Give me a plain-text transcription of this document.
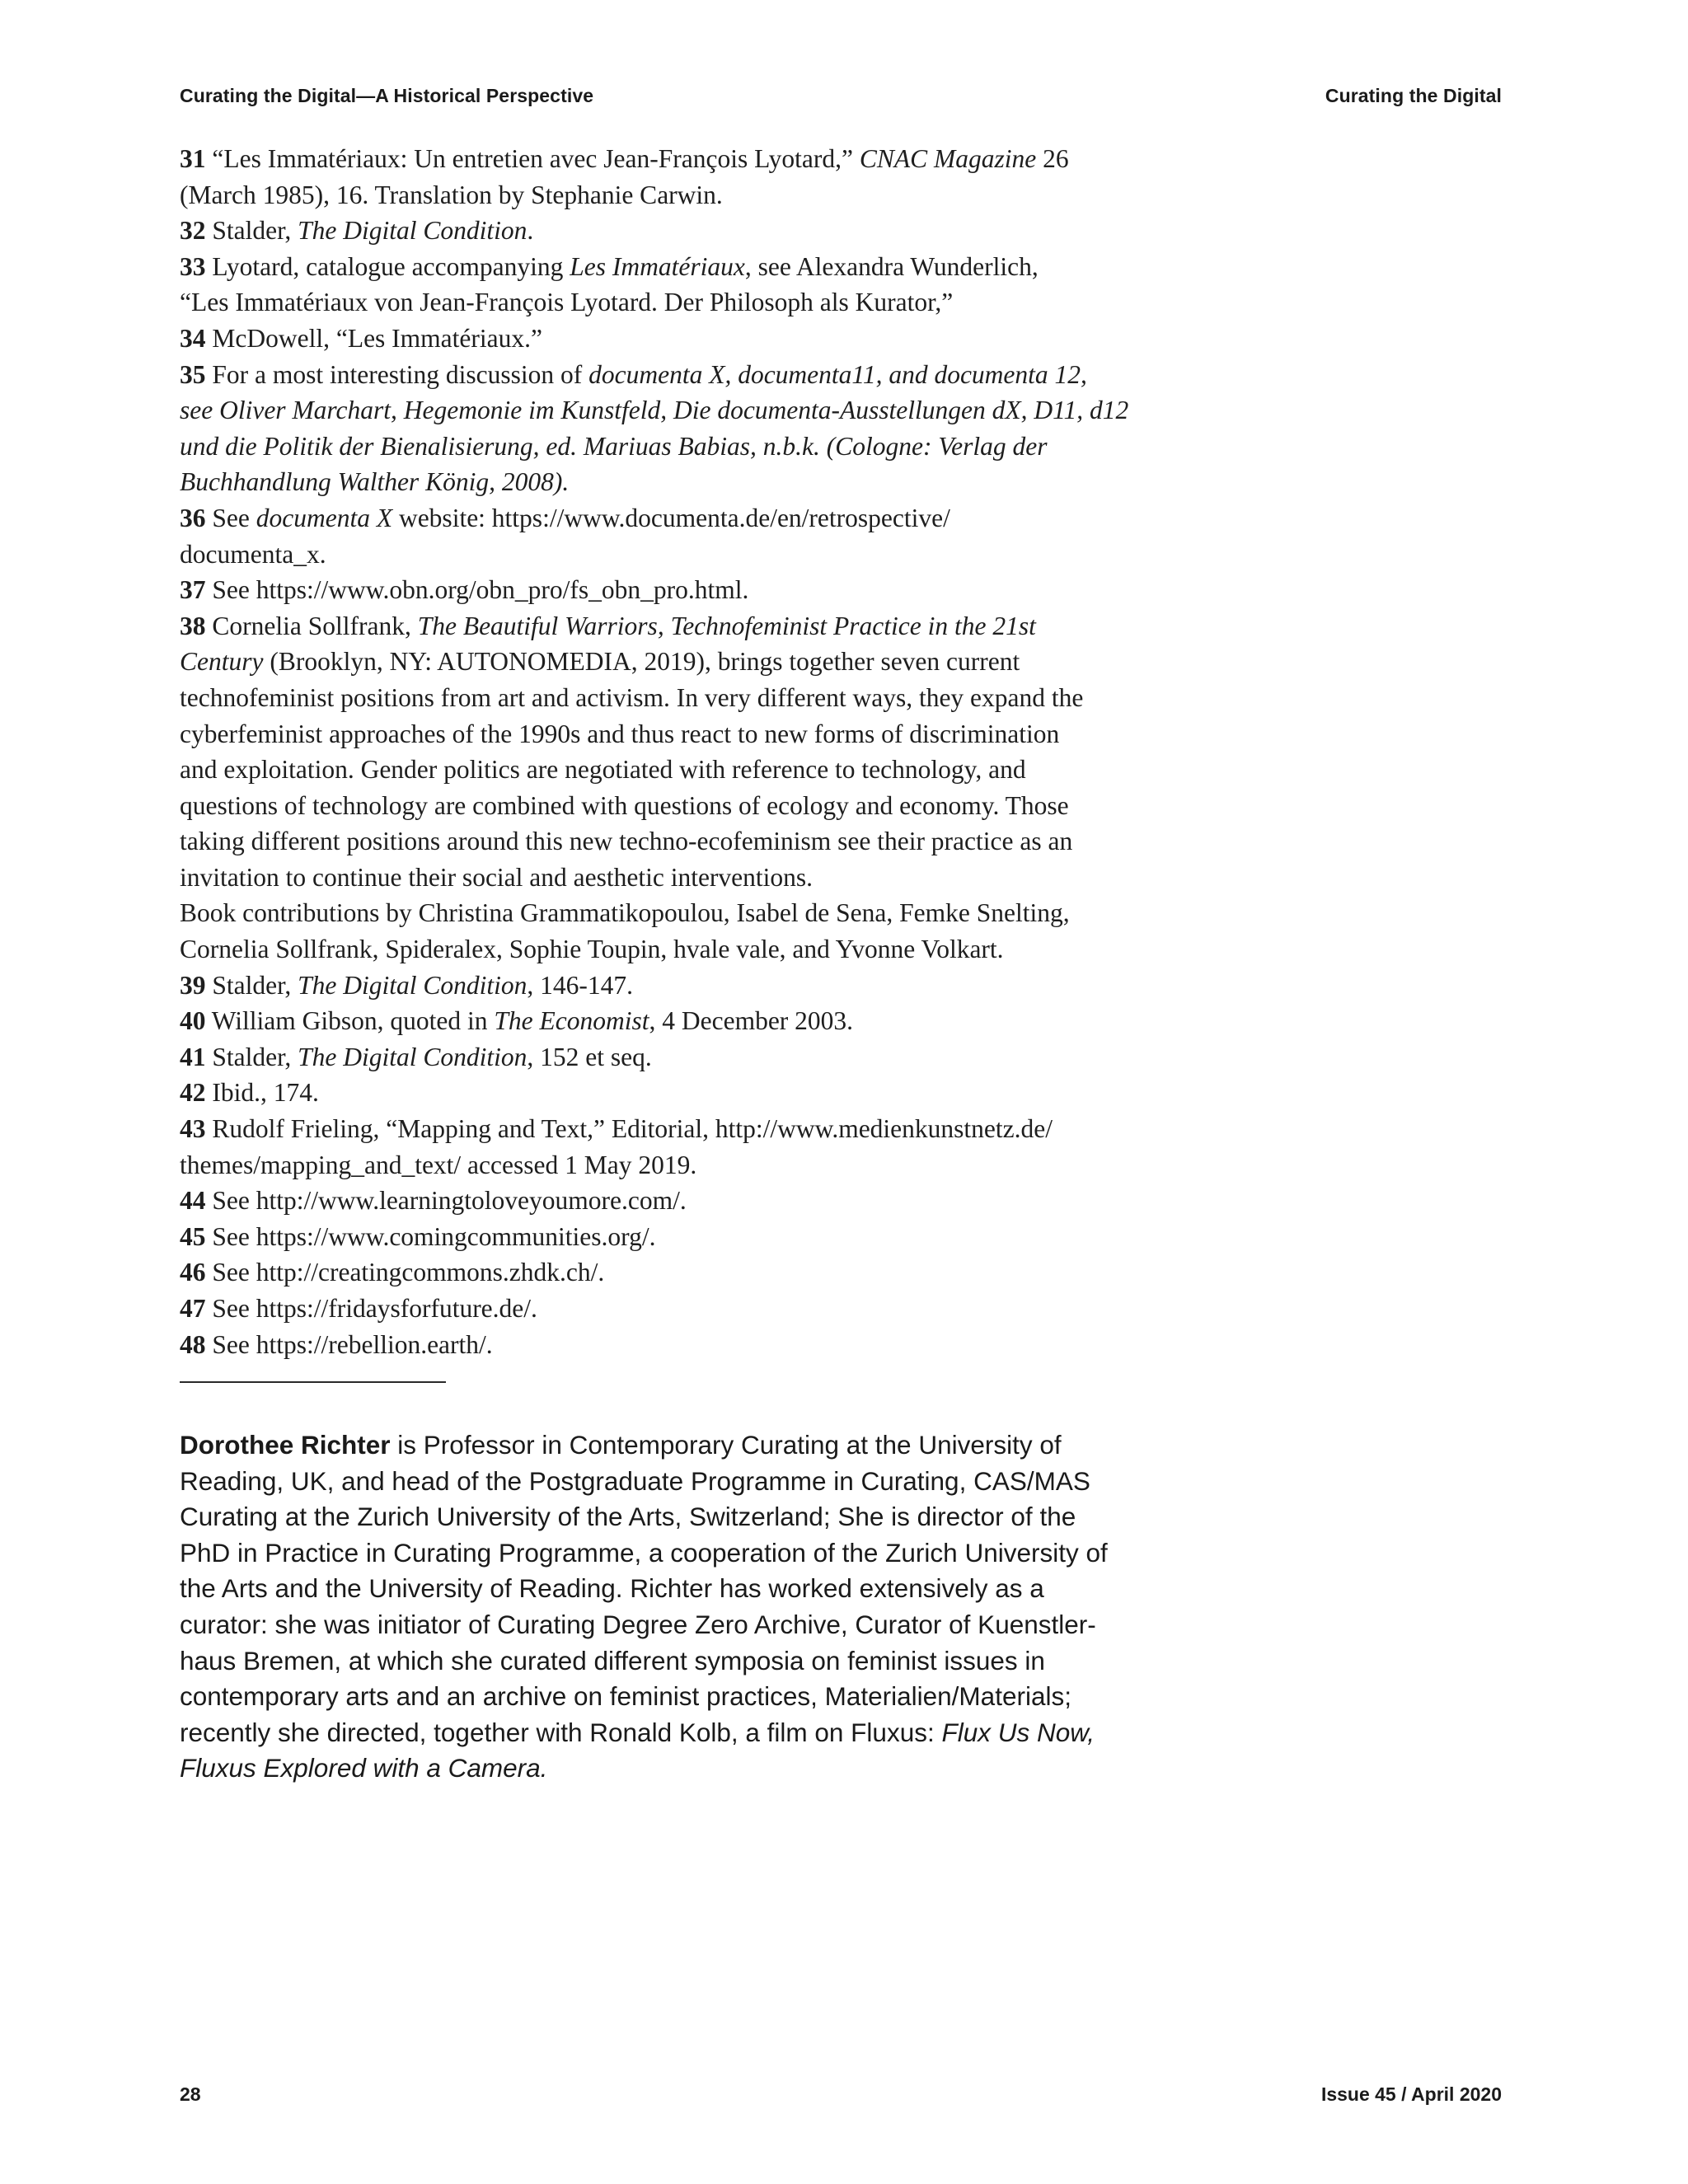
Curating the Digital—A Historical Perspective	Curating the Digital

31 “Les Immatériaux: Un entretien avec Jean-François Lyotard,” CNAC Magazine 26
(March 1985), 16. Translation by Stephanie Carwin.

32 Stalder, The Digital Condition.

33 Lyotard, catalogue accompanying Les Immatériaux, see Alexandra Wunderlich,
“Les Immatériaux von Jean-François Lyotard. Der Philosoph als Kurator,”

34 McDowell, “Les Immatériaux.”

35 For a most interesting discussion of documenta X, documenta11, and documenta 12,
see Oliver Marchart, Hegemonie im Kunstfeld, Die documenta-Ausstellungen dX, D11, d12
und die Politik der Bienalisierung, ed. Mariuas Babias, n.b.k. (Cologne: Verlag der
Buchhandlung Walther König, 2008).

36 See documenta X website: https://www.documenta.de/en/retrospective/
documenta_x.

37 See https://www.obn.org/obn_pro/fs_obn_pro.html.

38 Cornelia Sollfrank, The Beautiful Warriors, Technofeminist Practice in the 21st
Century (Brooklyn, NY: AUTONOMEDIA, 2019), brings together seven current
technofeminist positions from art and activism. In very different ways, they expand the
cyberfeminist approaches of the 1990s and thus react to new forms of discrimination
and exploitation. Gender politics are negotiated with reference to technology, and
questions of technology are combined with questions of ecology and economy. Those
taking different positions around this new techno-ecofeminism see their practice as an
invitation to continue their social and aesthetic interventions.
Book contributions by Christina Grammatikopoulou, Isabel de Sena, Femke Snelting,
Cornelia Sollfrank, Spideralex, Sophie Toupin, hvale vale, and Yvonne Volkart.

39 Stalder, The Digital Condition, 146-147.

40 William Gibson, quoted in The Economist, 4 December 2003.

41 Stalder, The Digital Condition, 152 et seq.

42 Ibid., 174.

43 Rudolf Frieling, “Mapping and Text,” Editorial, http://www.medienkunstnetz.de/
themes/mapping_and_text/ accessed 1 May 2019.

44 See http://www.learningtoloveyoumore.com/.

45 See https://www.comingcommunities.org/.

46 See http://creatingcommons.zhdk.ch/.

47 See https://fridaysforfuture.de/.

48 See https://rebellion.earth/.

Dorothee Richter is Professor in Contemporary Curating at the University of
Reading, UK, and head of the Postgraduate Programme in Curating, CAS/MAS
Curating at the Zurich University of the Arts, Switzerland; She is director of the
PhD in Practice in Curating Programme, a cooperation of the Zurich University of
the Arts and the University of Reading. Richter has worked extensively as a
curator: she was initiator of Curating Degree Zero Archive, Curator of Kuenstler-
haus Bremen, at which she curated different symposia on feminist issues in
contemporary arts and an archive on feminist practices, Materialien/Materials;
recently she directed, together with Ronald Kolb, a film on Fluxus: Flux Us Now,
Fluxus Explored with a Camera.

28	Issue 45 / April 2020
